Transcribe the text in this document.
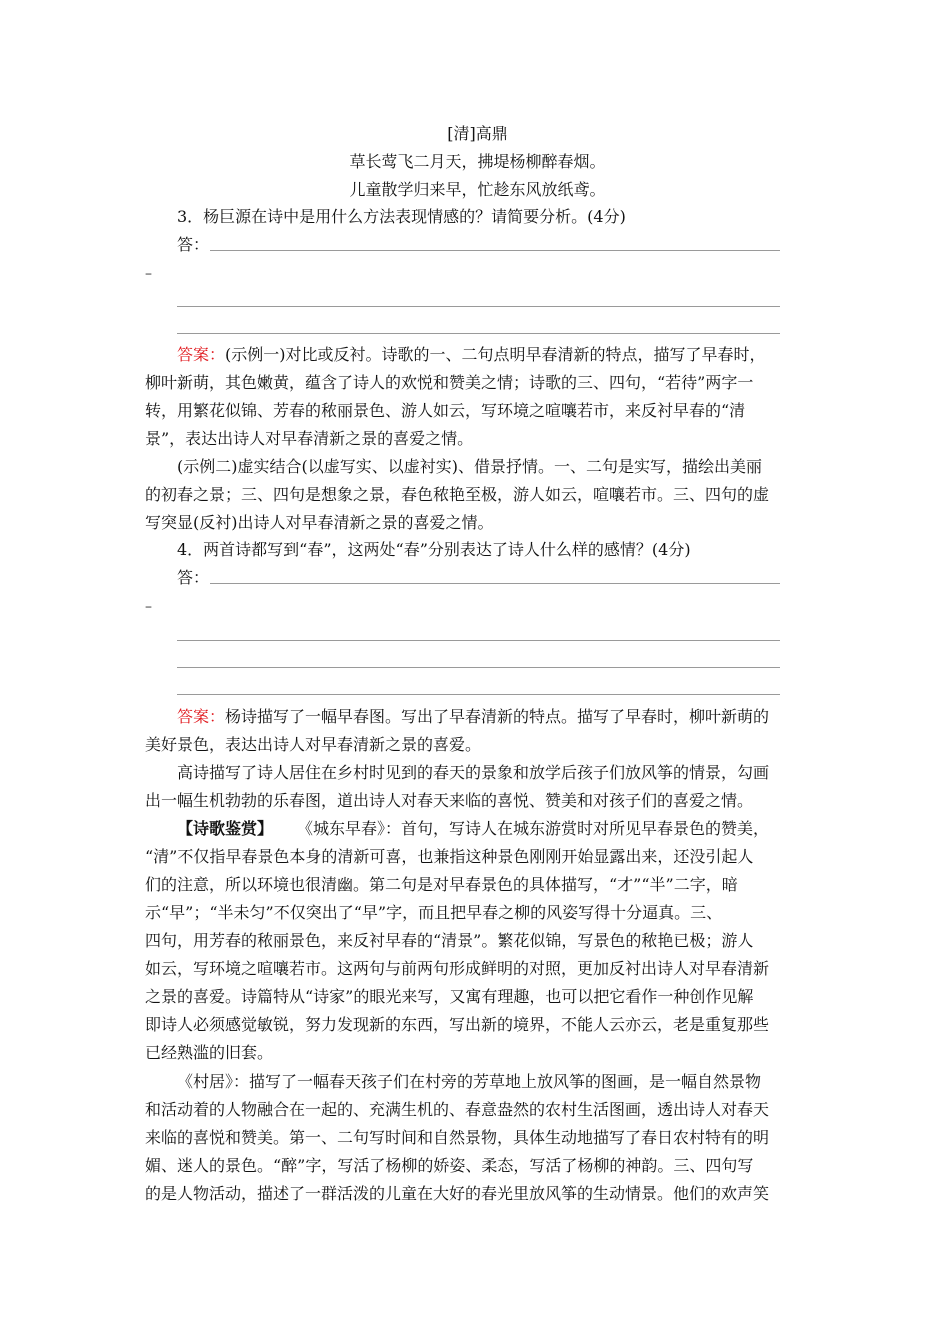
[清]高鼎
草长莺飞二月天，拂堤杨柳醉春烟。
儿童散学归来早，忙趁东风放纸鸢。
3．杨巨源在诗中是用什么方法表现情感的？请简要分析。(4分)
答：
–
答案：(示例一)对比或反衬。诗歌的一、二句点明早春清新的特点，描写了早春时，
柳叶新萌，其色嫩黄，蕴含了诗人的欢悦和赞美之情；诗歌的三、四句，“若待”两字一
转，用繁花似锦、芳春的秾丽景色、游人如云，写环境之喧嚷若市，来反衬早春的“清
景”，表达出诗人对早春清新之景的喜爱之情。
(示例二)虚实结合(以虚写实、以虚衬实)、借景抒情。一、二句是实写，描绘出美丽
的初春之景；三、四句是想象之景，春色秾艳至极，游人如云，喧嚷若市。三、四句的虚
写突显(反衬)出诗人对早春清新之景的喜爱之情。
4．两首诗都写到“春”，这两处“春”分别表达了诗人什么样的感情？(4分)
答：
–
答案：杨诗描写了一幅早春图。写出了早春清新的特点。描写了早春时，柳叶新萌的
美好景色，表达出诗人对早春清新之景的喜爱。
高诗描写了诗人居住在乡村时见到的春天的景象和放学后孩子们放风筝的情景，勾画
出一幅生机勃勃的乐春图，道出诗人对春天来临的喜悦、赞美和对孩子们的喜爱之情。
【诗歌鉴赏】 《城东早春》：首句，写诗人在城东游赏时对所见早春景色的赞美，
“清”不仅指早春景色本身的清新可喜，也兼指这种景色刚刚开始显露出来，还没引起人
们的注意，所以环境也很清幽。第二句是对早春景色的具体描写，“才”“半”二字，暗
示“早”；“半未匀”不仅突出了“早”字，而且把早春之柳的风姿写得十分逼真。三、
四句，用芳春的秾丽景色，来反衬早春的“清景”。繁花似锦，写景色的秾艳已极；游人
如云，写环境之喧嚷若市。这两句与前两句形成鲜明的对照，更加反衬出诗人对早春清新
之景的喜爱。诗篇特从“诗家”的眼光来写，又寓有理趣，也可以把它看作一种创作见解
即诗人必须感觉敏锐，努力发现新的东西，写出新的境界，不能人云亦云，老是重复那些
已经熟滥的旧套。
《村居》：描写了一幅春天孩子们在村旁的芳草地上放风筝的图画，是一幅自然景物
和活动着的人物融合在一起的、充满生机的、春意盎然的农村生活图画，透出诗人对春天
来临的喜悦和赞美。第一、二句写时间和自然景物，具体生动地描写了春日农村特有的明
媚、迷人的景色。“醉”字，写活了杨柳的娇姿、柔态，写活了杨柳的神韵。三、四句写
的是人物活动，描述了一群活泼的儿童在大好的春光里放风筝的生动情景。他们的欢声笑
